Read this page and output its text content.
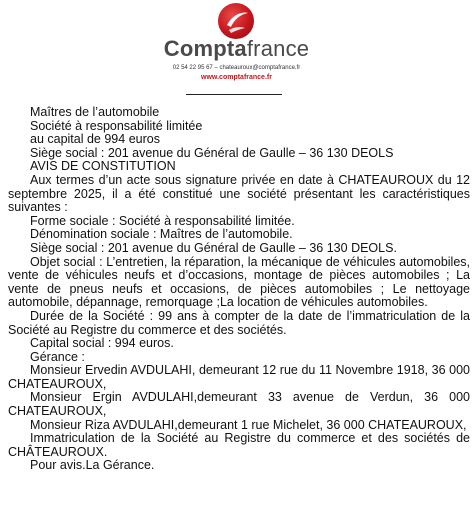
Comptafrance
02 54 22 95 67 – chateauroux@comptafrance.fr
www.comptafrance.fr

Maîtres de l’automobile

Société à responsabilité limitée

au capital de 994 euros

Siège social : 201 avenue du Général de Gaulle – 36 130 DEOLS

AVIS DE CONSTITUTION

Aux termes d’un acte sous signature privée en date à CHATEAUROUX du 12 septembre 2025, il a été constitué une société présentant les caractéristiques suivantes :

Forme sociale : Société à responsabilité limitée.

Dénomination sociale : Maîtres de l’automobile.

Siège social : 201 avenue du Général de Gaulle – 36 130 DEOLS.

Objet social : L’entretien, la réparation, la mécanique de véhicules automobiles, vente de véhicules neufs et d’occasions, montage de pièces automobiles ; La vente de pneus neufs et occasions, de pièces automobiles ; Le nettoyage automobile, dépannage, remorquage ;La location de véhicules automobiles.

Durée de la Société : 99 ans à compter de la date de l’immatriculation de la Société au Registre du commerce et des sociétés.

Capital social : 994 euros.

Gérance :

Monsieur Ervedin AVDULAHI, demeurant 12 rue du 11 Novembre 1918, 36 000 CHATEAUROUX,

Monsieur Ergin AVDULAHI,demeurant 33 avenue de Verdun, 36 000 CHATEAUROUX,

Monsieur Riza AVDULAHI,demeurant 1 rue Michelet, 36 000 CHATEAUROUX,

Immatriculation de la Société au Registre du commerce et des sociétés de CHÂTEAUROUX.

Pour avis.La Gérance.
